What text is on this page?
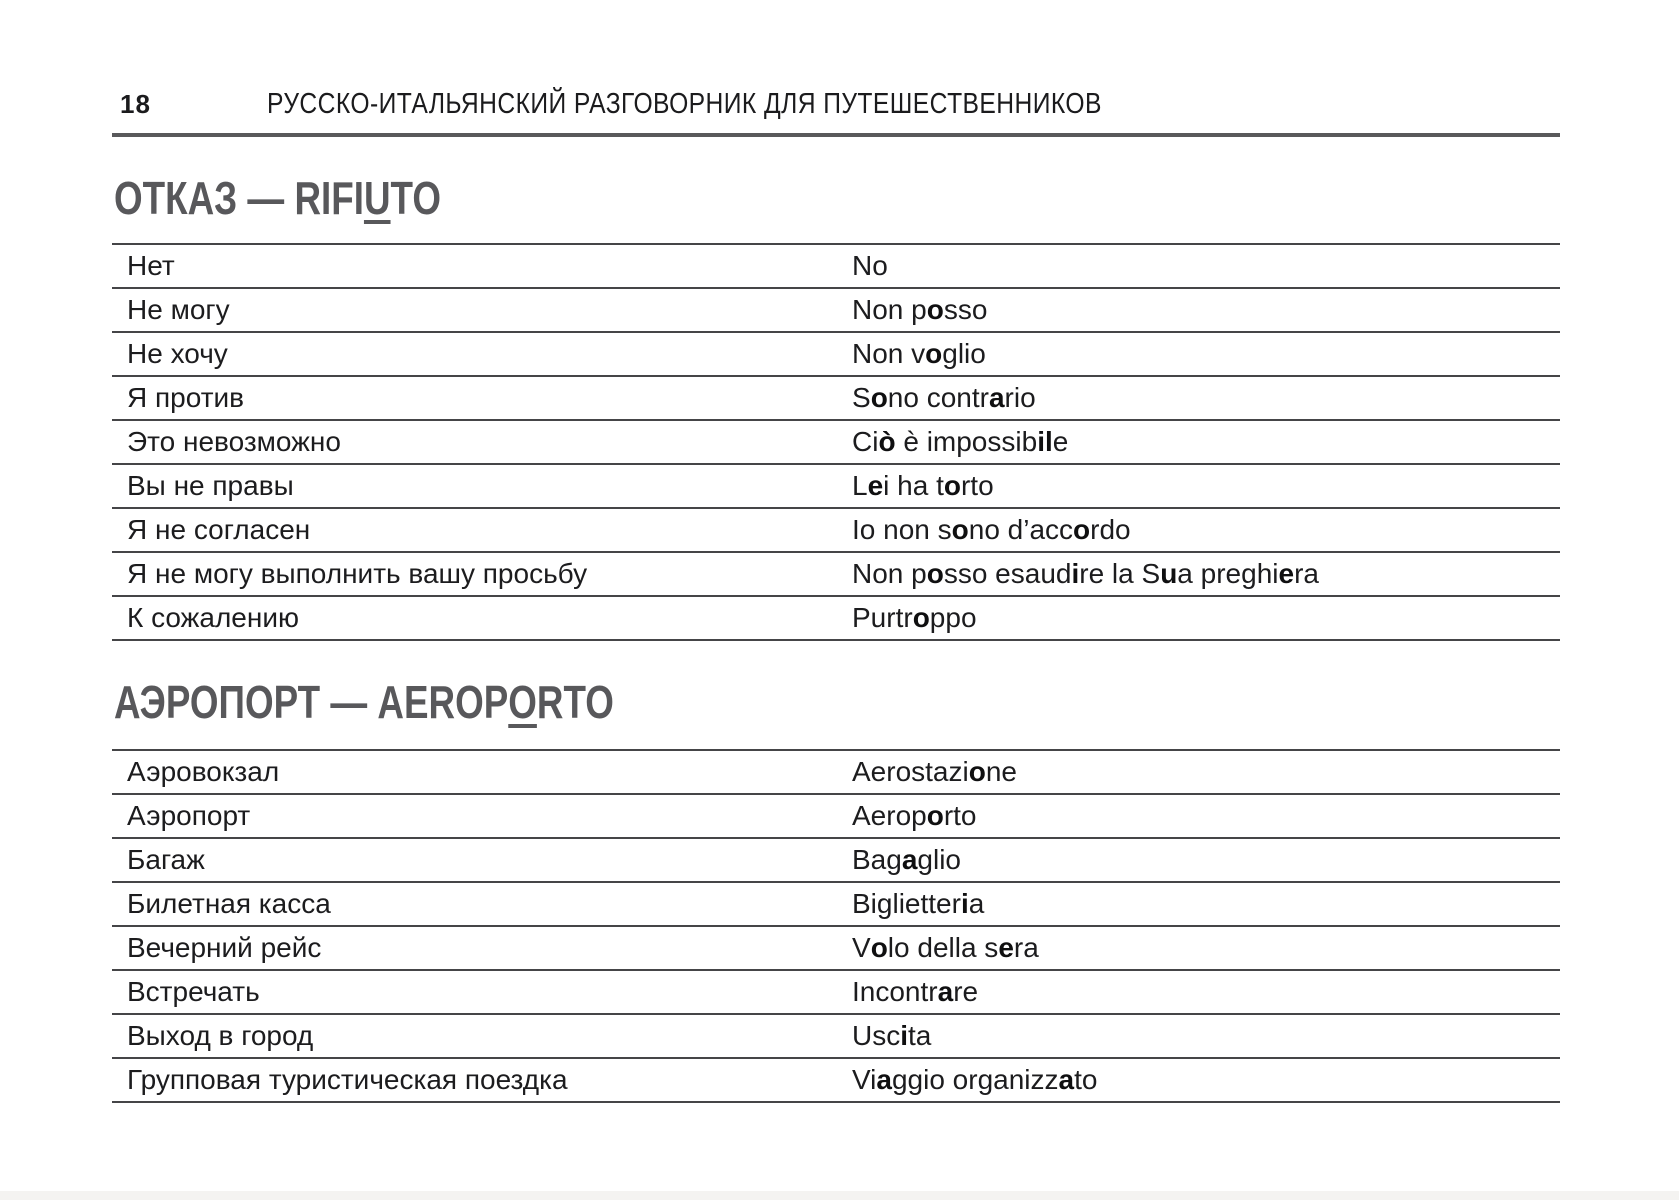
18	РУССКО-ИТАЛЬЯНСКИЙ РАЗГОВОРНИК ДЛЯ ПУТЕШЕСТВЕННИКОВ
ОТКАЗ — RIFIUTO
Нет	No
Не могу	Non posso
Не хочу	Non voglio
Я против	Sono contrario
Это невозможно	Ciò è impossibile
Вы не правы	Lei ha torto
Я не согласен	Io non sono d’accordo
Я не могу выполнить вашу просьбу	Non posso esaudire la Sua preghiera
К сожалению	Purtroppo
АЭРОПОРТ — AEROPORTO
Аэровокзал	Aerostazione
Аэропорт	Aeroporto
Багаж	Bagaglio
Билетная касса	Biglietteria
Вечерний рейс	Volo della sera
Встречать	Incontrare
Выход в город	Uscita
Групповая туристическая поездка	Viaggio organizzato
